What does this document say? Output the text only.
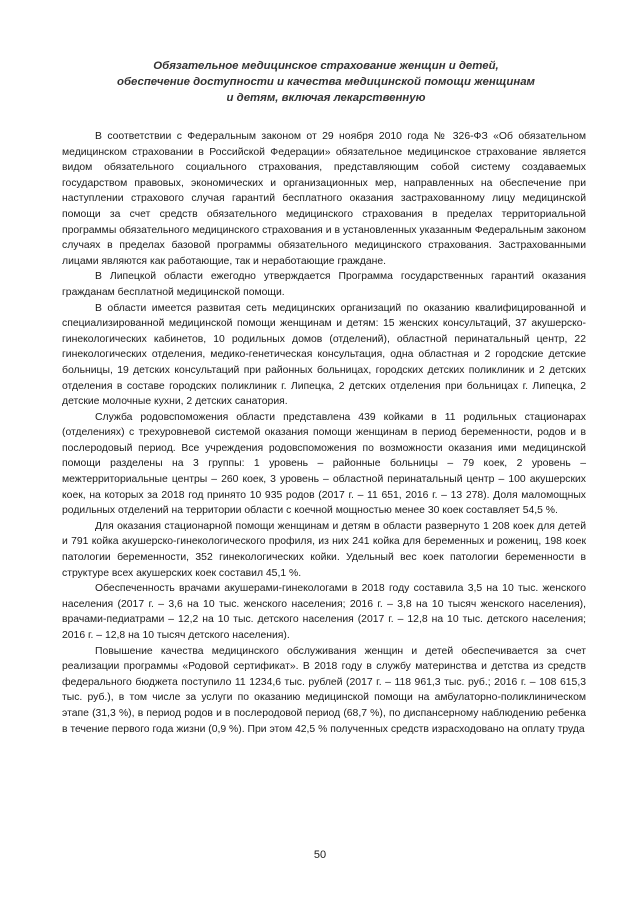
Обязательное медицинское страхование женщин и детей,
обеспечение доступности и качества медицинской помощи женщинам
и детям, включая лекарственную

В соответствии с Федеральным законом от 29 ноября 2010 года № 326-ФЗ «Об обязательном медицинском страховании в Российской Федерации» обязательное медицинское страхование является видом обязательного социального страхования, представляющим собой систему создаваемых государством правовых, экономических и организационных мер, направленных на обеспечение при наступлении страхового случая гарантий бесплатного оказания застрахованному лицу медицинской помощи за счет средств обязательного медицинского страхования в пределах территориальной программы обязательного медицинского страхования и в установленных указанным Федеральным законом случаях в пределах базовой программы обязательного медицинского страхования. Застрахованными лицами являются как работающие, так и неработающие граждане.

В Липецкой области ежегодно утверждается Программа государственных гарантий оказания гражданам бесплатной медицинской помощи.

В области имеется развитая сеть медицинских организаций по оказанию квалифицированной и специализированной медицинской помощи женщинам и детям: 15 женских консультаций, 37 акушерско-гинекологических кабинетов, 10 родильных домов (отделений), областной перинатальный центр, 22 гинекологических отделения, медико-генетическая консультация, одна областная и 2 городские детские больницы, 19 детских консультаций при районных больницах, городских детских поликлиник и 2 детских отделения в составе городских поликлиник г. Липецка, 2 детских отделения при больницах г. Липецка, 2 детские молочные кухни, 2 детских санатория.

Служба родовспоможения области представлена 439 койками в 11 родильных стационарах (отделениях) с трехуровневой системой оказания помощи женщинам в период беременности, родов и в послеродовый период. Все учреждения родовспоможения по возможности оказания ими медицинской помощи разделены на 3 группы: 1 уровень – районные больницы – 79 коек, 2 уровень – межтерриториальные центры – 260 коек, 3 уровень – областной перинатальный центр – 100 акушерских коек, на которых за 2018 год принято 10 935 родов (2017 г. – 11 651, 2016 г. – 13 278). Доля маломощных родильных отделений на территории области с коечной мощностью менее 30 коек составляет 54,5 %.

Для оказания стационарной помощи женщинам и детям в области развернуто 1 208 коек для детей и 791 койка акушерско-гинекологического профиля, из них 241 койка для беременных и рожениц, 198 коек патологии беременности, 352 гинекологических койки. Удельный вес коек патологии беременности в структуре всех акушерских коек составил 45,1 %.

Обеспеченность врачами акушерами-гинекологами в 2018 году составила 3,5 на 10 тыс. женского населения (2017 г. – 3,6 на 10 тыс. женского населения; 2016 г. – 3,8 на 10 тысяч женского населения), врачами-педиатрами – 12,2 на 10 тыс. детского населения (2017 г. – 12,8 на 10 тыс. детского населения; 2016 г. – 12,8 на 10 тысяч детского населения).

Повышение качества медицинского обслуживания женщин и детей обеспечивается за счет реализации программы «Родовой сертификат». В 2018 году в службу материнства и детства из средств федерального бюджета поступило 11 1234,6 тыс. рублей (2017 г. – 118 961,3 тыс. руб.; 2016 г. – 108 615,3 тыс. руб.), в том числе за услуги по оказанию медицинской помощи на амбулаторно-поликлиническом этапе (31,3 %), в период родов и в послеродовой период (68,7 %), по диспансерному наблюдению ребенка в течение первого года жизни (0,9 %). При этом 42,5 % полученных средств израсходовано на оплату труда

50
